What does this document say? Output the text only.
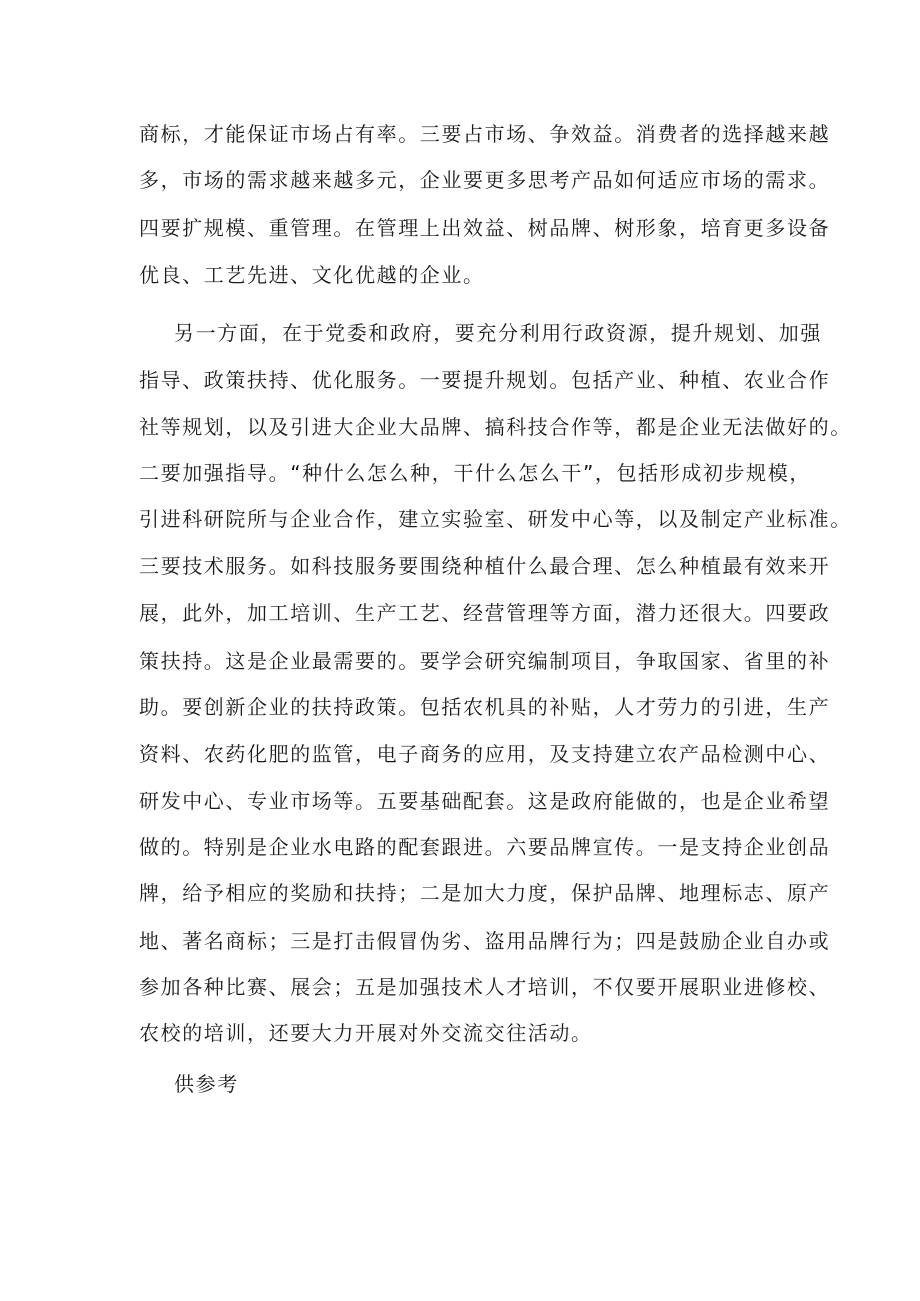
商标，才能保证市场占有率。三要占市场、争效益。消费者的选择越来越
多，市场的需求越来越多元，企业要更多思考产品如何适应市场的需求。
四要扩规模、重管理。在管理上出效益、树品牌、树形象，培育更多设备
优良、工艺先进、文化优越的企业。
另一方面，在于党委和政府，要充分利用行政资源，提升规划、加强
指导、政策扶持、优化服务。一要提升规划。包括产业、种植、农业合作
社等规划，以及引进大企业大品牌、搞科技合作等，都是企业无法做好的。
二要加强指导。“种什么怎么种，干什么怎么干”，包括形成初步规模，
引进科研院所与企业合作，建立实验室、研发中心等，以及制定产业标准。
三要技术服务。如科技服务要围绕种植什么最合理、怎么种植最有效来开
展，此外，加工培训、生产工艺、经营管理等方面，潜力还很大。四要政
策扶持。这是企业最需要的。要学会研究编制项目，争取国家、省里的补
助。要创新企业的扶持政策。包括农机具的补贴，人才劳力的引进，生产
资料、农药化肥的监管，电子商务的应用，及支持建立农产品检测中心、
研发中心、专业市场等。五要基础配套。这是政府能做的，也是企业希望
做的。特别是企业水电路的配套跟进。六要品牌宣传。一是支持企业创品
牌，给予相应的奖励和扶持；二是加大力度，保护品牌、地理标志、原产
地、著名商标；三是打击假冒伪劣、盗用品牌行为；四是鼓励企业自办或
参加各种比赛、展会；五是加强技术人才培训，不仅要开展职业进修校、
农校的培训，还要大力开展对外交流交往活动。
供参考
